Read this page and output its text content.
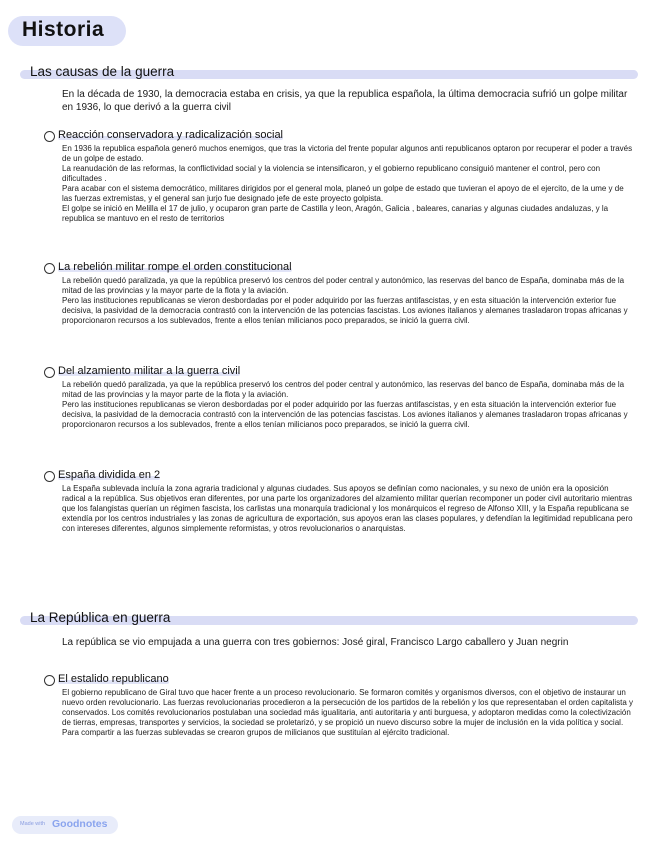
Historia
Las causas de la guerra
En la década de 1930, la democracia estaba en crisis, ya que la republica española, la última democracia sufrió un golpe militar en 1936, lo que derivó a la guerra civil
Reacción conservadora y radicalización social

En 1936 la republica española generó muchos enemigos, que tras la victoria del frente popular algunos anti republicanos optaron por recuperar el poder a través de un golpe de estado.

La reanudación de las reformas, la conflictividad social y la violencia se intensificaron, y el gobierno republicano consiguió mantener el control, pero con dificultades .

Para acabar con el sistema democrático, militares dirigidos por el general mola, planeó un golpe de estado que tuvieran el apoyo de el ejercito, de la ume y de las fuerzas extremistas, y el general san jurjo fue designado jefe de este proyecto golpista.

El golpe se inició en Melilla el 17 de julio, y ocuparon gran parte de Castilla y leon, Aragón, Galicia , baleares, canarias y algunas ciudades andaluzas, y la republica se mantuvo en el resto de territorios

La rebelión militar rompe el orden constitucional

La rebelión quedó paralizada, ya que la república preservó los centros del poder central y autonómico, las reservas del banco de España, dominaba más de la mitad de las provincias y la mayor parte de la flota y la aviación.

Pero las instituciones republicanas se vieron desbordadas por el poder adquirido por las fuerzas antifascistas, y en esta situación la intervención exterior fue decisiva, la pasividad de la democracia contrastó con la intervención de las potencias fascistas. Los aviones italianos y alemanes trasladaron tropas africanas y proporcionaron recursos a los sublevados, frente a ellos tenían milicianos poco preparados, se inició la guerra civil.

Del alzamiento militar a la guerra civil

La rebelión quedó paralizada, ya que la república preservó los centros del poder central y autonómico, las reservas del banco de España, dominaba más de la mitad de las provincias y la mayor parte de la flota y la aviación.

Pero las instituciones republicanas se vieron desbordadas por el poder adquirido por las fuerzas antifascistas, y en esta situación la intervención exterior fue decisiva, la pasividad de la democracia contrastó con la intervención de las potencias fascistas. Los aviones italianos y alemanes trasladaron tropas africanas y proporcionaron recursos a los sublevados, frente a ellos tenían milicianos poco preparados, se inició la guerra civil.

España dividida en 2

La España sublevada incluía la zona agraria tradicional y algunas ciudades. Sus apoyos se definían como nacionales, y su nexo de unión era la oposición radical a la república. Sus objetivos eran diferentes, por una parte los organizadores del alzamiento militar querían recomponer un poder civil autoritario mientras que los falangistas querían un régimen fascista, los carlistas una monarquía tradicional y los monárquicos el regreso de Alfonso XIII, y la España republicana se extendía por los centros industriales y las zonas de agricultura de exportación, sus apoyos eran las clases populares, y defendían la legitimidad republicana pero con intereses diferentes, algunos simplemente reformistas, y otros revolucionarios o anarquistas.

La República en guerra
La república se vio empujada a una guerra con tres gobiernos: José giral, Francisco Largo caballero y Juan negrin
El estalido republicano

El gobierno republicano de Giral tuvo que hacer frente a un proceso revolucionario. Se formaron comités y organismos diversos, con el objetivo de instaurar un nuevo orden revolucionario. Las fuerzas revolucionarias procedieron a la persecución de los partidos de la rebelión y los que representaban el orden capitalista y conservados. Los comités revolucionarios postulaban una sociedad más igualitaria, anti autoritaria y anti burguesa, y adoptaron medidas como la colectivización de tierras, empresas, transportes y servicios, la sociedad se proletarizó, y se propició un nuevo discurso sobre la mujer de inclusión en la vida política y social. Para compartir a las fuerzas sublevadas se crearon grupos de milicianos que sustituían al ejército tradicional.

Made with Goodnotes
